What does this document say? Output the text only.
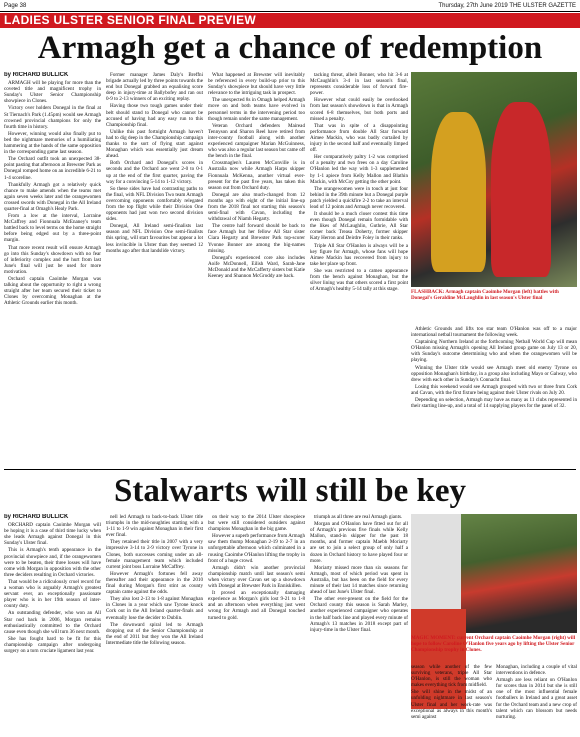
Page 38	Thursday, 27th June 2019 THE ULSTER GAZETTE
LADIES ULSTER SENIOR FINAL PREVIEW
Armagh get a chance of redemption
by RICHARD BULLICK

ARMAGH will be playing for more than the coveted title and magnificent trophy in Sunday's Ulster Senior Championship showpiece in Clones.

Victory over holders Donegal in the final at St Tiernach's Park (1.45pm) would see Armagh crowned provincial champions for only the fourth time in history.

However, winning would also finally put to bed the nightmare memories of a humiliating hammering at the hands of the same opposition in the corresponding game last season.

The Orchard outfit took an unexpected 38-point pasting that afternoon at Brewster Park as Donegal romped home on an incredible 6-21 to 1-4 scoreline.

Thankfully Armagh got a relatively quick chance to make amends when the teams met again seven weeks later and the orangewomen crossed swords with Donegal in the All Ireland quarter-final at Omagh's Healy Park.

From a low at the interval, Lorraine McCaffrey and Fionnuala McEnaney's team battled back to level terms on the home straight before being edged out by a three-point margin.

That more recent result will ensure Armagh go into this Sunday's showdown with no fear of inferiority complex and the hurt from last June's final will just be used for more motivation.

Orchard captain Caoimhe Morgan was talking about the opportunity to right a wrong straight after her team secured their ticket to Clones by overcoming Monaghan at the Athletic Grounds earlier this month.

Former manager James Daly's Breffni brigade actually led by three points towards the end but Donegal grabbed an equalising score deep in injury-time at Ballybofey and ran out 0-9 to 2-13 winners of an exciting replay.

Having those two tough games under their belt should stand to Donegal who cannot be accused of having had any easy run to this Championship final.

Unlike this past fortnight Armagh haven't had to dig deep in the Championship campaign thanks to the sort of flying start against Monaghan which was essentially just dream ahead.

Both Orchard and Donegal's scores in seconds and the Orchard ace went 2-0 to 0-1 up at the end of the first quarter, paving the way for a convincing 5-14 to 1-12 victory.

So these sides have had contrasting paths to the final, with NFL Division Two team Armagh overcoming opponents comfortably relegated from the top flight while their Division One opponents had just won two second division sides.

Donegal, All Ireland semi-finalists last season and NFL Division One semi-finalists this spring, will start favourites but appear a lot less invincible in Ulster than they seemed 12 months ago after that landslide victory.

What happened at Brewster will inevitably be referenced in every build-up prior to this Sunday's showpiece but should have very little relevance to the intriguing task in prospect.

The unexpected 8s in Omagh helped Armagh move on and both teams have evolved in personnel terms in the intervening period too though remain under the same management.

Veteran Orchard defenders Mairead Tennyson and Sharon Reel have retired from inter-county football along with another experienced campaigner Marian McGuinness, who was also a regular last season but came off the bench in the final.

Crossmaglen's Lauren McConville is in Australia now while Armagh Harps skipper Fionnuala McKenna, another virtual ever-present for the past five years, has taken this season out from Orchard duty.

Donegal are also much-changed from 12 months ago with eight of the initial line-up from the 2018 final not starting this season's semi-final with Cavan, including the withdrawal of Niamh Hegarty.

The centre half forward should be back to face Armagh but her fellow All Star sister Ciara Hegarty and Brewster Park top-scorer Yvonne Bonner are among the big-names missing.

Donegal's experienced core also includes Aoife McDonnell, Eilish Ward, Sarah-Jane McDonald and the McCafferty sisters but Katie Keeney and Shannon McGroddy are back.

tacking threat, albeit Bonner, who hit 3-6 at McCaughlin's 3-4 in last season's final, represents considerable loss of forward fire-power.

However what could easily be overlooked from last season's showdown is that in Armagh scored 6-8 themselves, but both ports and missed a penalty.

That was in spite of a disappointing performance from double All Star forward Aimee Mackin, who was badly curtailed by injury in the second half and eventually limped off.

Her comparatively paltry 1-2 was comprised of a penalty and two frees on a day Caroline O'Hanlon led the way with 1-3 supplemented by 1-1 apiece from Kelly Mallon and Blathin Mackin, with McCoy getting the other point.

The orangewomen were in touch at just four behind in the 39th minute but a Donegal purple patch yielded a quickfire 2-2 to take an interval lead of 12 points and Armagh never recovered.

It should be a much closer contest this time even though Donegal remain formidable with the likes of McLaughlin, Guthrie, All Star corner back Treasa Doherty, former skipper Katy Herron and Deirdre Foley in their ranks.

Triple All Star O'Hanlon is always will be a key figure for Armagh, whose fans will hope Aimee Mackin has recovered from injury to take her place up front.

She was restricted to a cameo appearance from the bench against Monaghan, but the silver lining was that others scored a first point of Armagh's healthy 5-14 tally at this stage.	FLASHBACK: Armagh captain Caoimhe Morgan (left) battles with Donegal's Geraldine McLaughlin in last season's Ulster final

Athletic Grounds and lifts too star team O'Hanlon was off to a major international netball tournament the following week.

Captaining Northern Ireland at the forthcoming Netball World Cup will mean O'Hanlon missing Armagh's opening All Ireland group game on July 13 or 20, with Sunday's outcome determining who and when the orangewomen will be playing.

Winning the Ulster title would see Armagh meet old enemy Tyrone on opposition Monaghan's birthday, in a group also including Mayo or Galway, who drew with each other in Sunday's Connacht final.

Losing this weekend would see Armagh grouped with two or three from Cork and Cavan, with the first fixture being against their Ulster rivals on July 20.

Depending on selection, Armagh may have as many as 11 clubs represented in their starting line-up, and a total of 14 supplying players for the panel of 32.

Stalwarts will still be key
by RICHARD BULLICK

ORCHARD captain Caoimhe Morgan will be hoping it is a case of third time lucky when she leads Armagh against Donegal in this Sunday's Ulster final.

This is Armagh's tenth appearance in the provincial showpiece and, if the orangewomen were to be beaten, their three losses will have come with Morgan in opposition with the other three deciders resulting in Orchard victories.

That would be a ridiculously cruel record for a woman who is arguably Armagh's greatest servant ever, an exceptionally passionate player who is in her 19th season of inter-county duty.

An outstanding defender, who won an All Star nod back in 2006, Morgan remains enthusiastically committed to the Orchard cause even though she will turn 36 next month.

She has fought hard to be fit for this championship campaign after undergoing surgery on a torn cruciate ligament last year.

nell led Armagh to back-to-back Ulster title triumphs in the mid-noughties starting with a 1-11 to 1-9 win against Monaghan in their first ever final.

They retained their title in 2007 with a very impressive 3-14 to 2-9 victory over Tyrone in Clones, both successes coming under an all-female management team which included current joint boss Lorraine McCaffrey.

However Armagh's fortunes fell away thereafter and their appearance in the 2010 final during Morgan's first stint as county captain came against the odds.

They also lost 2-13 to 1-8 against Monaghan in Clones in a year which saw Tyrone knock Cork out in the All Ireland quarter-finals and eventually lose the decider to Dublin.

The downward spiral led to Armagh dropping out of the Senior Championship at the end of 2011 but they won the All Ireland Intermediate title the following season.

on their way to the 2014 Ulster showpiece but were still considered outsiders against champions Monaghan in the big game.

However a superb performance from Armagh saw them thump Monaghan 2-19 to 2-7 in an unforgettable afternoon which culminated in a rousing Caoimhe O'Hanlon lifting the trophy in front of a huge crowd.

Armagh didn't win another provincial championship match until last season's semi when victory over Cavan set up a showdown with Donegal at Brewster Park in Enniskillen.

It proved an exceptionally damaging experience as Morgan's girls lost 9-21 to 1-8 and an afternoon when everything just went wrong for Armagh and all Donegal touched turned to gold.

triumph as all three are real Armagh giants.

Morgan and O'Hanlon have fitted out for all of Armagh's previous five finals while Kelly Mallon, stand-in skipper for the past 18 months, and former captain Maebh Moriarty are set to join a select group of only half a dozen in Orchard history to have played four or more.

Moriarty missed more than six seasons for Armagh, most of which period was spent in Australia, but has been on the field for every minute of their last 14 matches since returning ahead of last June's Ulster final.

The other ever-present on the field for the Orchard county this season is Sarah Marley, another experienced campaigner who operates in the half back line and played every minute of Armagh's 13 matches in 2018 except part of injury-time in the Ulster final.

MAGIC MOMENT: current Orchard captain Caoimhe Morgan (right) will hope to follow Caroline O'Hanlon five years ago by lifting the Ulster Senior Championship trophy in Clones.

season while another of the few surviving veterans, triple All Star O'Hanlon, is still the woman who makes everything tick from midfield.

She will shine in the midst of an unfolding nightmare in last season's Ulster final and her work-rate was exceptional as always in this month's semi against

Monaghan, including a couple of vital interventions in defence.

Armagh are less reliant on O'Hanlon for scores than in 2014 but she is still one of the most influential female footballers in Ireland and a great asset for the Orchard team and a new crop of talent which can blossom but needs nurturing.
